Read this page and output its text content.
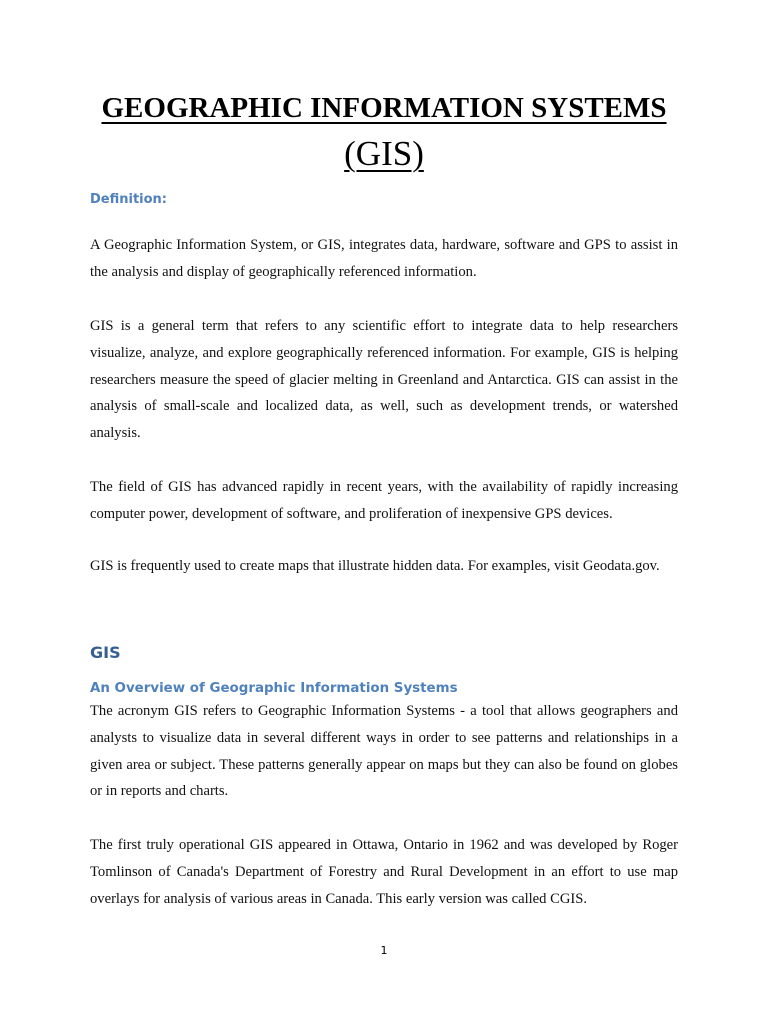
GEOGRAPHIC INFORMATION SYSTEMS
(GIS)
Definition:

A Geographic Information System, or GIS, integrates data, hardware, software and GPS to assist in the analysis and display of geographically referenced information.

GIS is a general term that refers to any scientific effort to integrate data to help researchers visualize, analyze, and explore geographically referenced information. For example, GIS is helping researchers measure the speed of glacier melting in Greenland and Antarctica. GIS can assist in the analysis of small-scale and localized data, as well, such as development trends, or watershed analysis.

The field of GIS has advanced rapidly in recent years, with the availability of rapidly increasing computer power, development of software, and proliferation of inexpensive GPS devices.

GIS is frequently used to create maps that illustrate hidden data. For examples, visit Geodata.gov.

GIS
An Overview of Geographic Information Systems

The acronym GIS refers to Geographic Information Systems - a tool that allows geographers and analysts to visualize data in several different ways in order to see patterns and relationships in a given area or subject. These patterns generally appear on maps but they can also be found on globes or in reports and charts.

The first truly operational GIS appeared in Ottawa, Ontario in 1962 and was developed by Roger Tomlinson of Canada's Department of Forestry and Rural Development in an effort to use map overlays for analysis of various areas in Canada. This early version was called CGIS.

1
